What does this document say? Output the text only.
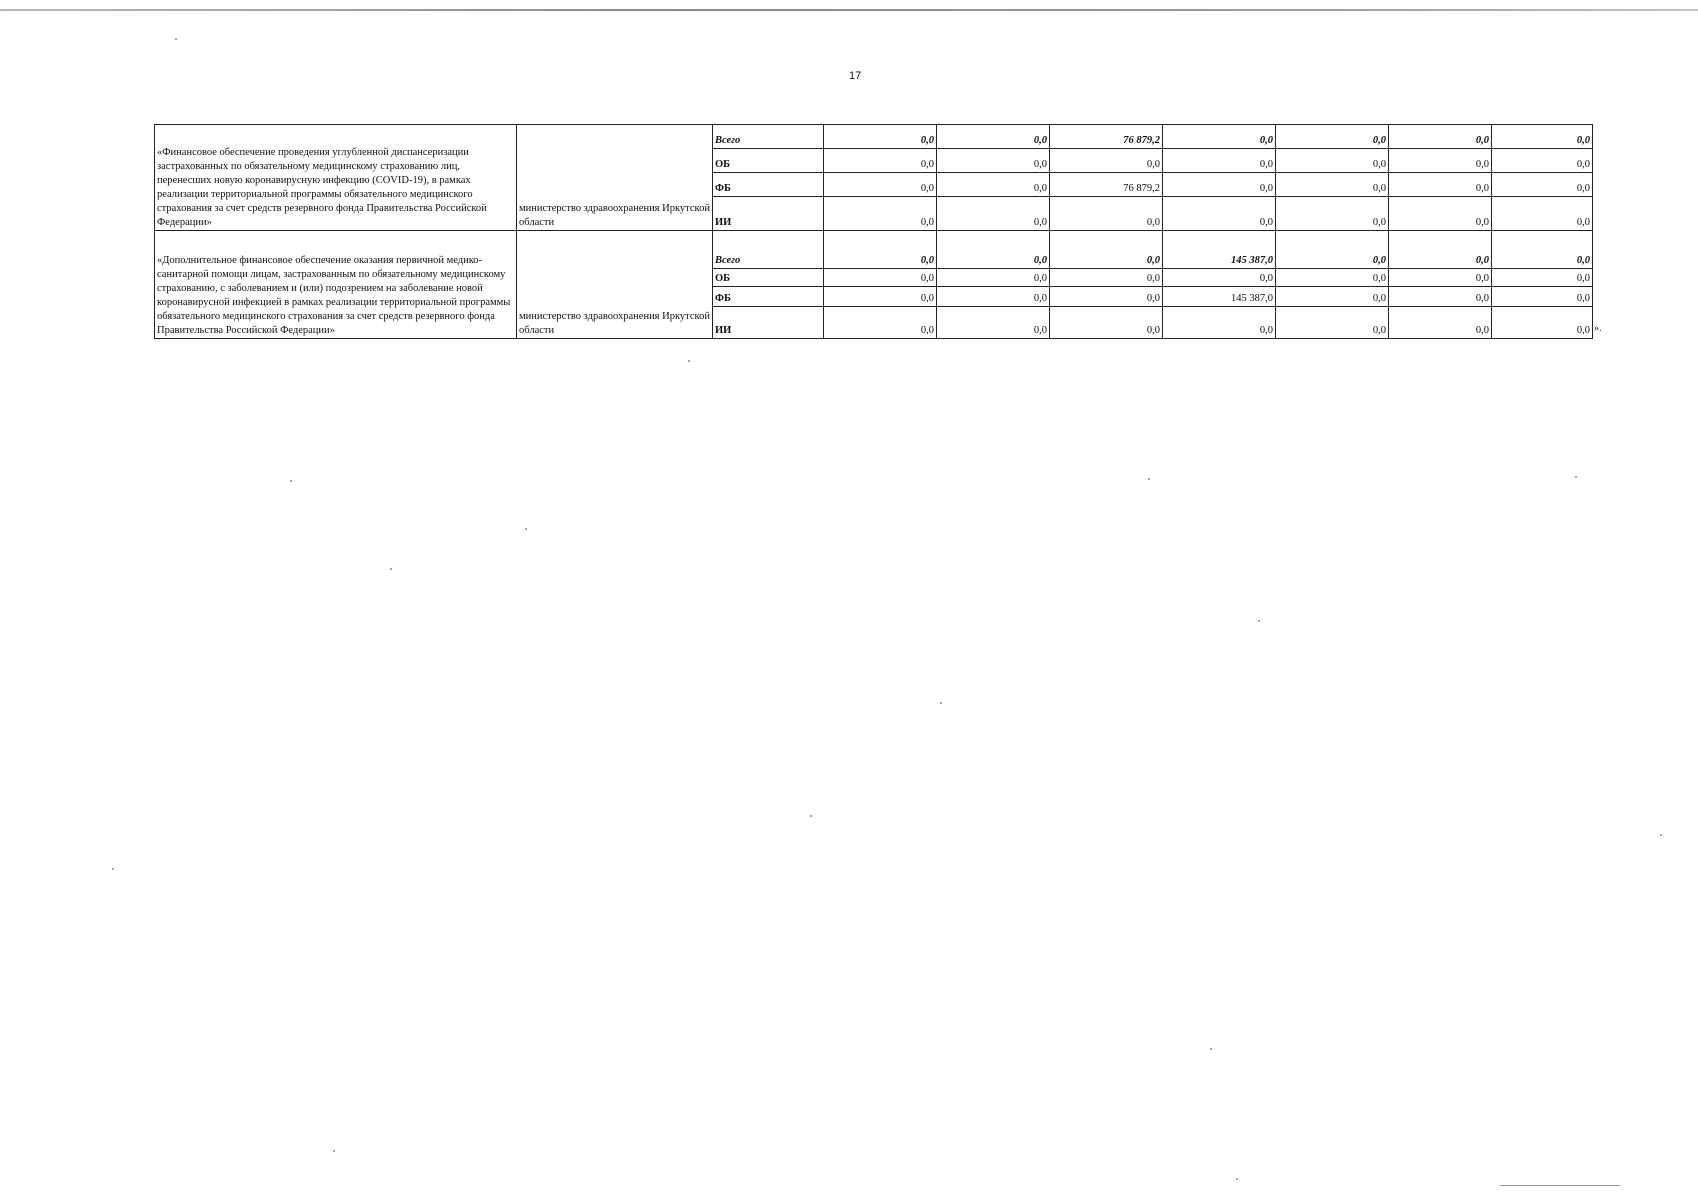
17
«Финансовое обеспечение проведения углубленной диспансеризации застрахованных по обязательному медицинскому страхованию лиц, перенесших новую коронавирусную инфекцию (COVID-19), в рамках реализации территориальной программы обязательного медицинского страхования за счет средств резервного фонда Правительства Российской Федерации»	министерство здравоохранения Иркутской области	Всего	0,0	0,0	76 879,2	0,0	0,0	0,0	0,0
		ОБ	0,0	0,0	0,0	0,0	0,0	0,0	0,0
		ФБ	0,0	0,0	76 879,2	0,0	0,0	0,0	0,0
		ИИ	0,0	0,0	0,0	0,0	0,0	0,0	0,0
«Дополнительное финансовое обеспечение оказания первичной медико-санитарной помощи лицам, застрахованным по обязательному медицинскому страхованию, с заболеванием и (или) подозрением на заболевание новой коронавирусной инфекцией в рамках реализации территориальной программы обязательного медицинского страхования за счет средств резервного фонда Правительства Российской Федерации»	министерство здравоохранения Иркутской области	Всего	0,0	0,0	0,0	145 387,0	0,0	0,0	0,0
		ОБ	0,0	0,0	0,0	0,0	0,0	0,0	0,0
		ФБ	0,0	0,0	0,0	145 387,0	0,0	0,0	0,0
		ИИ	0,0	0,0	0,0	0,0	0,0	0,0	0,0 ».
